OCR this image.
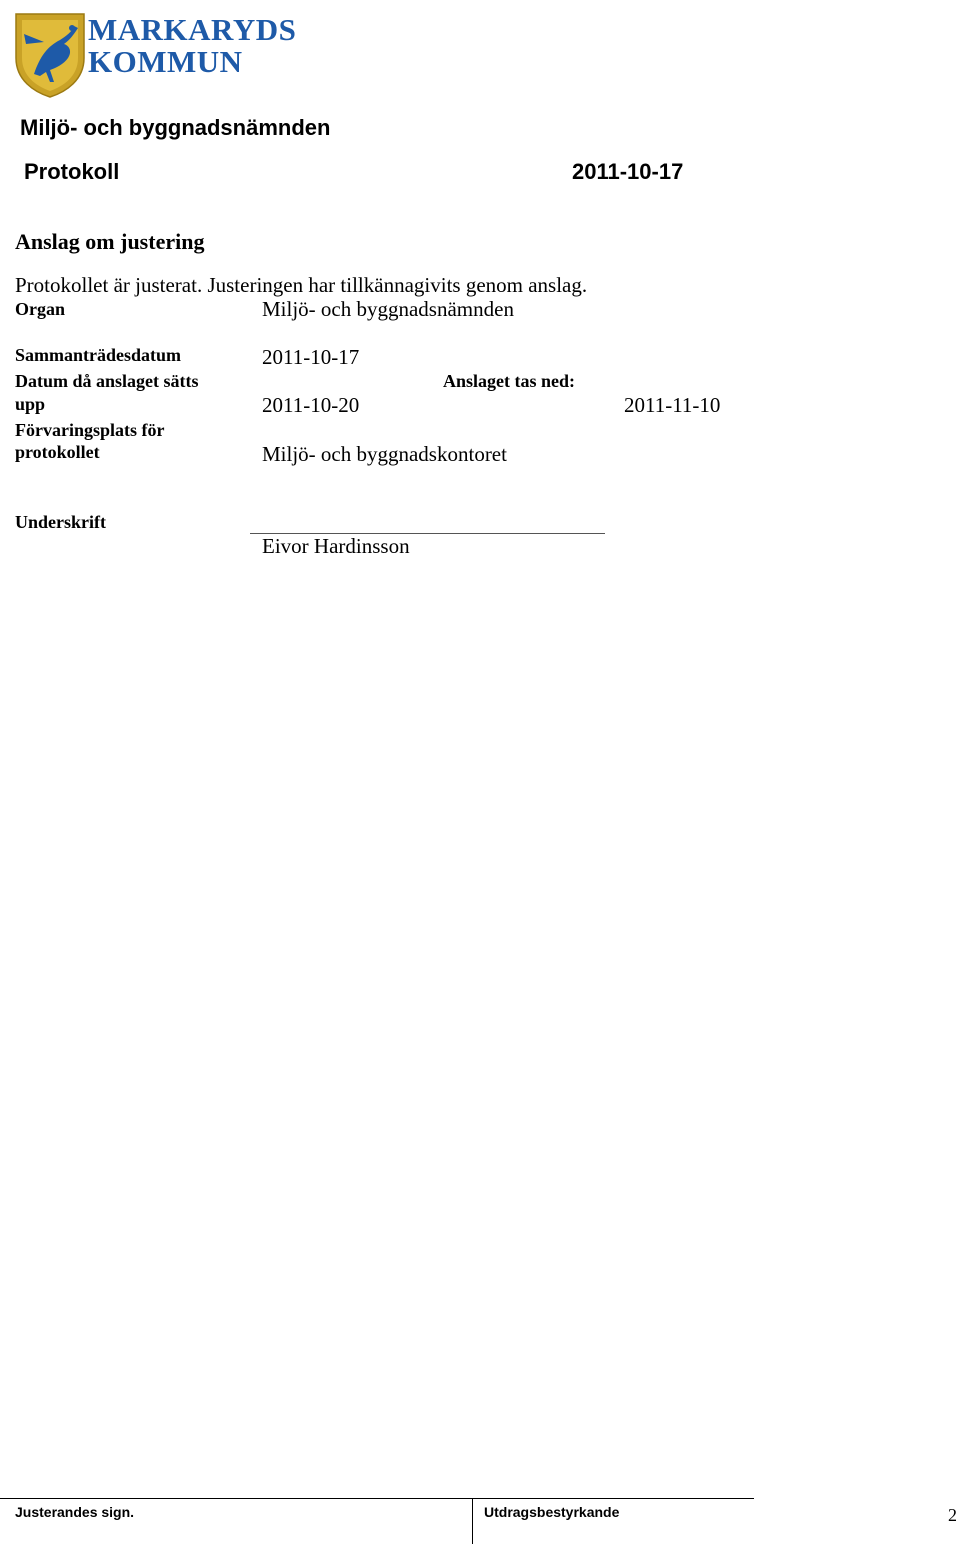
MARKARYDS
KOMMUN
Miljö- och byggnadsnämnden
Protokoll	2011-10-17
Anslag om justering
Protokollet är justerat. Justeringen har tillkännagivits genom anslag.
Organ	Miljö- och byggnadsnämnden
Sammanträdesdatum	2011-10-17
Datum då anslaget sätts
upp	2011-10-20
Anslaget tas ned:
2011-11-10
Förvaringsplats för
protokollet	Miljö- och byggnadskontoret
Underskrift
Eivor Hardinsson
Justerandes sign.	Utdragsbestyrkande	2
